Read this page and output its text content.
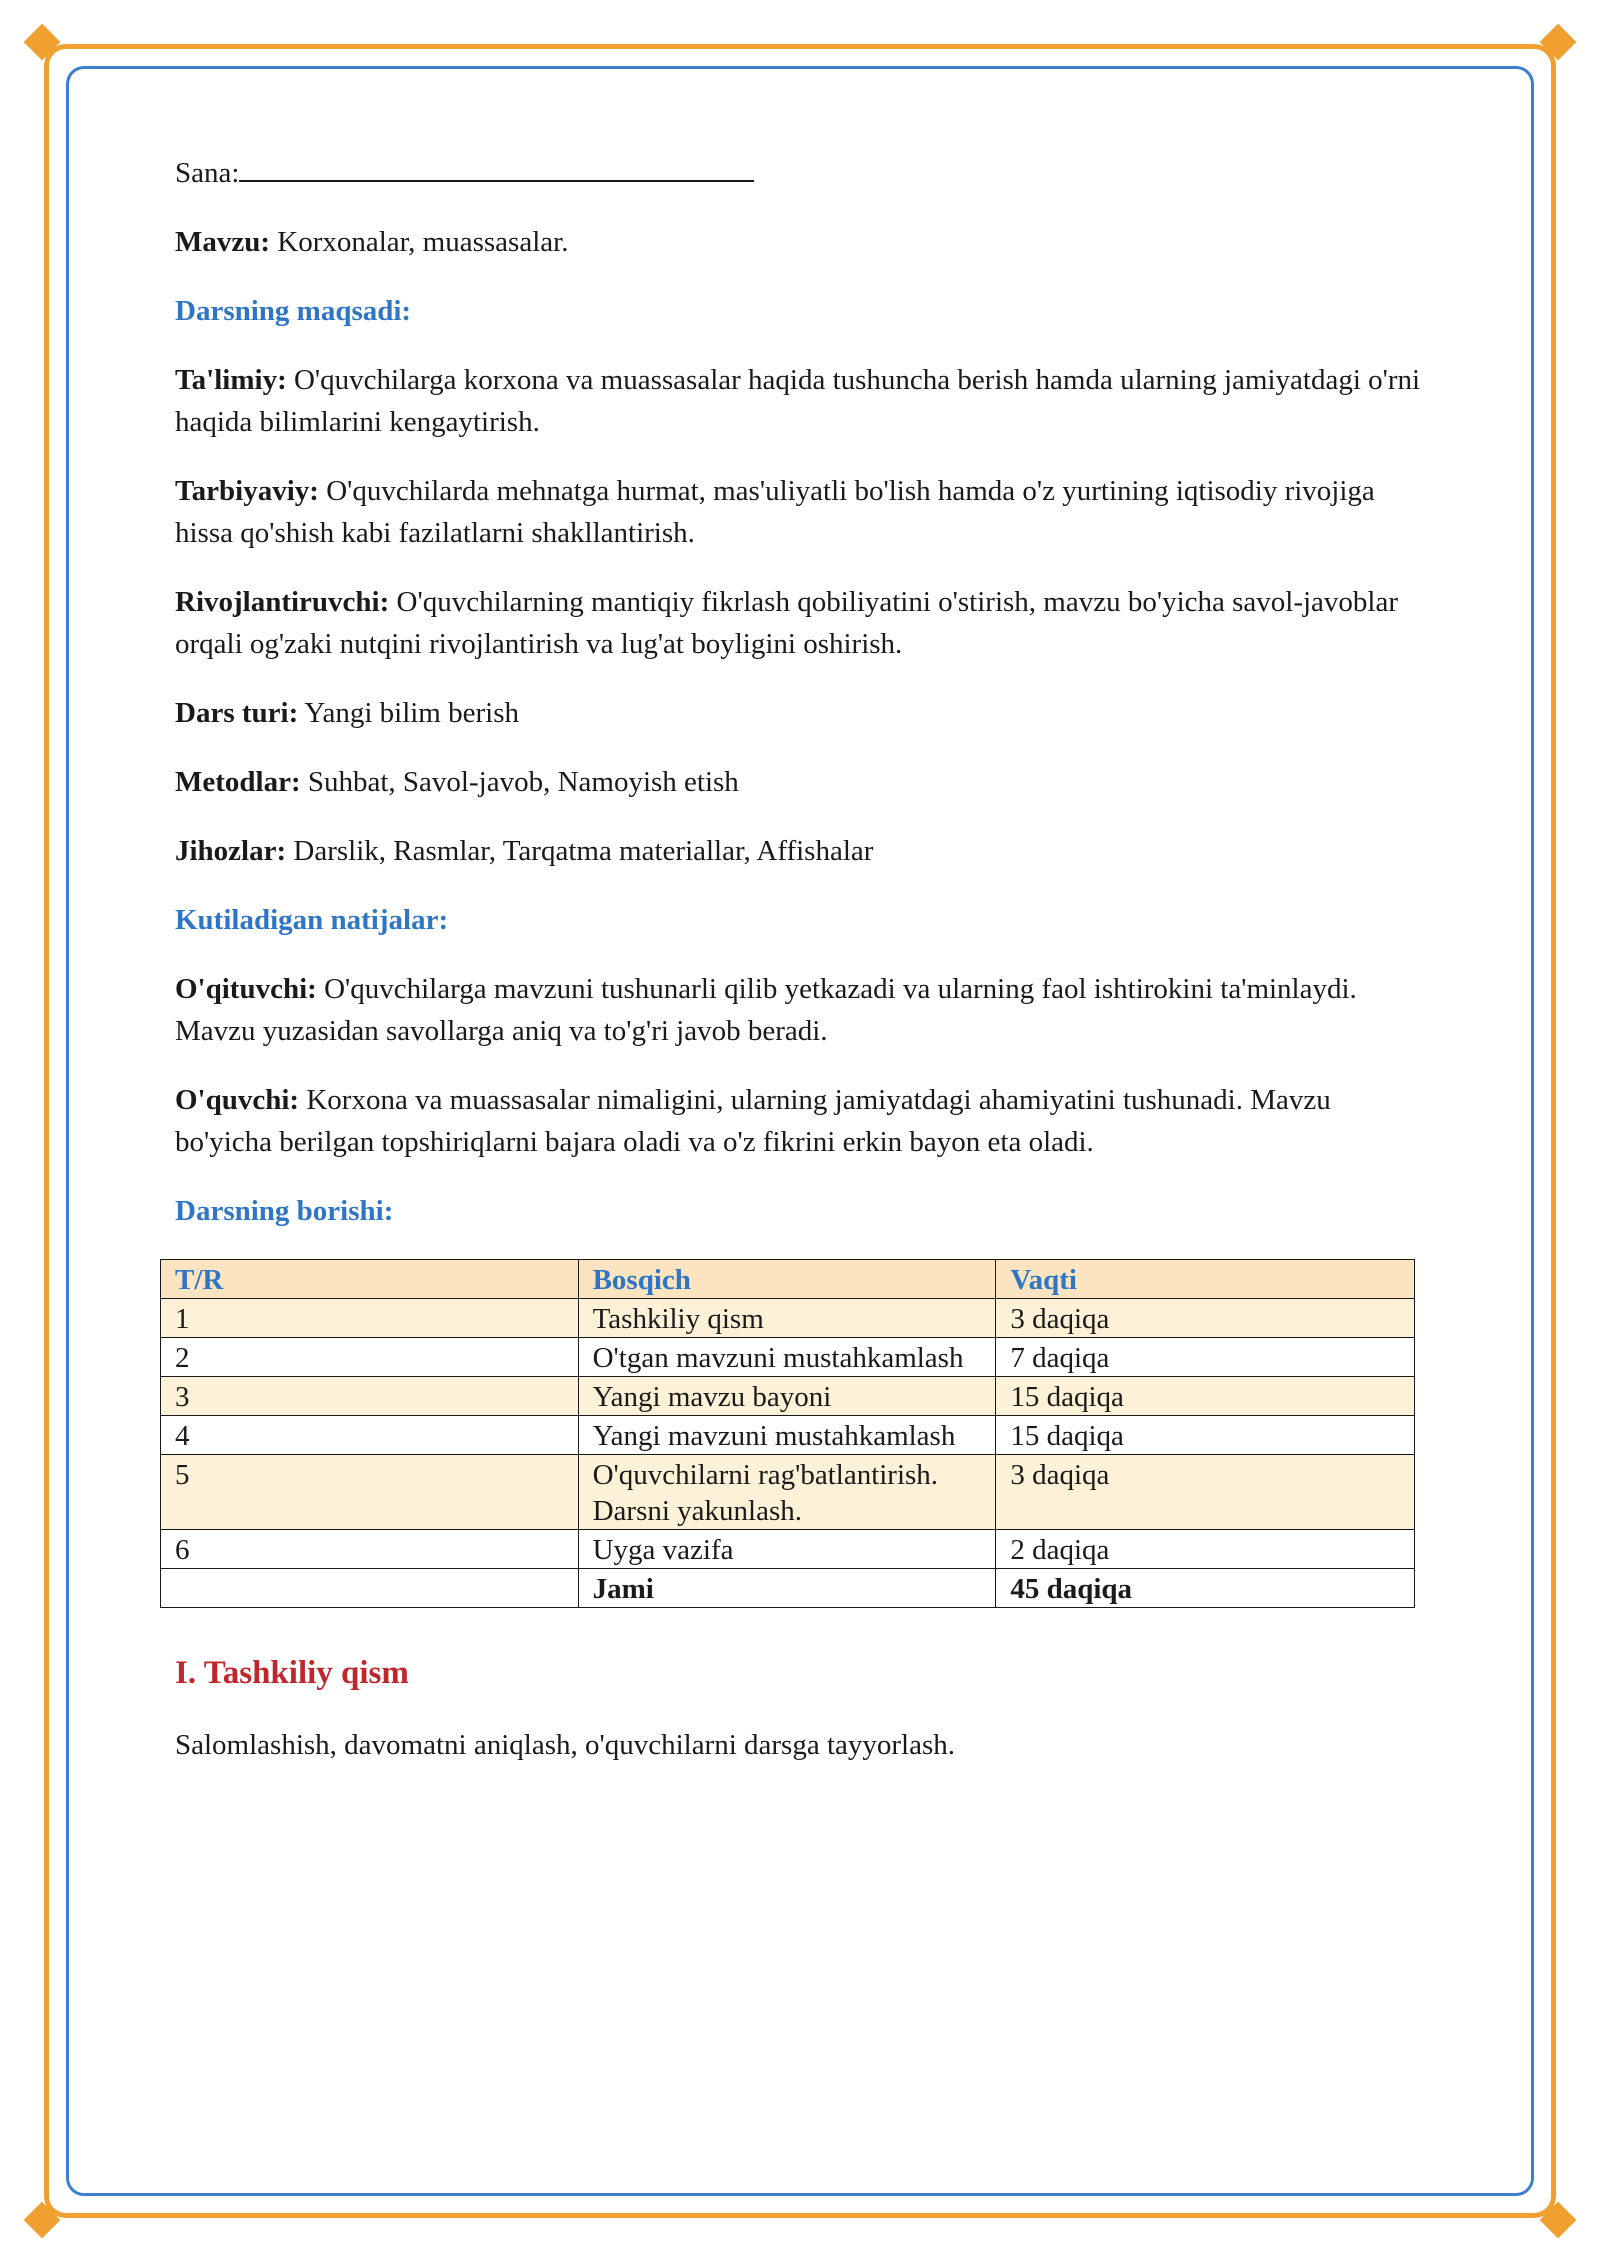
Sana:

Mavzu: Korxonalar, muassasalar.

Darsning maqsadi:

Ta'limiy: O'quvchilarga korxona va muassasalar haqida tushuncha berish hamda ularning jamiyatdagi o'rni haqida bilimlarini kengaytirish.

Tarbiyaviy: O'quvchilarda mehnatga hurmat, mas'uliyatli bo'lish hamda o'z yurtining iqtisodiy rivojiga hissa qo'shish kabi fazilatlarni shakllantirish.

Rivojlantiruvchi: O'quvchilarning mantiqiy fikrlash qobiliyatini o'stirish, mavzu bo'yicha savol-javoblar orqali og'zaki nutqini rivojlantirish va lug'at boyligini oshirish.

Dars turi: Yangi bilim berish

Metodlar: Suhbat, Savol-javob, Namoyish etish

Jihozlar: Darslik, Rasmlar, Tarqatma materiallar, Affishalar

Kutiladigan natijalar:

O'qituvchi: O'quvchilarga mavzuni tushunarli qilib yetkazadi va ularning faol ishtirokini ta'minlaydi. Mavzu yuzasidan savollarga aniq va to'g'ri javob beradi.

O'quvchi: Korxona va muassasalar nimaligini, ularning jamiyatdagi ahamiyatini tushunadi. Mavzu bo'yicha berilgan topshiriqlarni bajara oladi va o'z fikrini erkin bayon eta oladi.

Darsning borishi:

T/R	Bosqich	Vaqti
1	Tashkiliy qism	3 daqiqa
2	O'tgan mavzuni mustahkamlash	7 daqiqa
3	Yangi mavzu bayoni	15 daqiqa
4	Yangi mavzuni mustahkamlash	15 daqiqa
5	O'quvchilarni rag'batlantirish. Darsni yakunlash.	3 daqiqa
6	Uyga vazifa	2 daqiqa
	Jami	45 daqiqa

I. Tashkiliy qism

Salomlashish, davomatni aniqlash, o'quvchilarni darsga tayyorlash.
